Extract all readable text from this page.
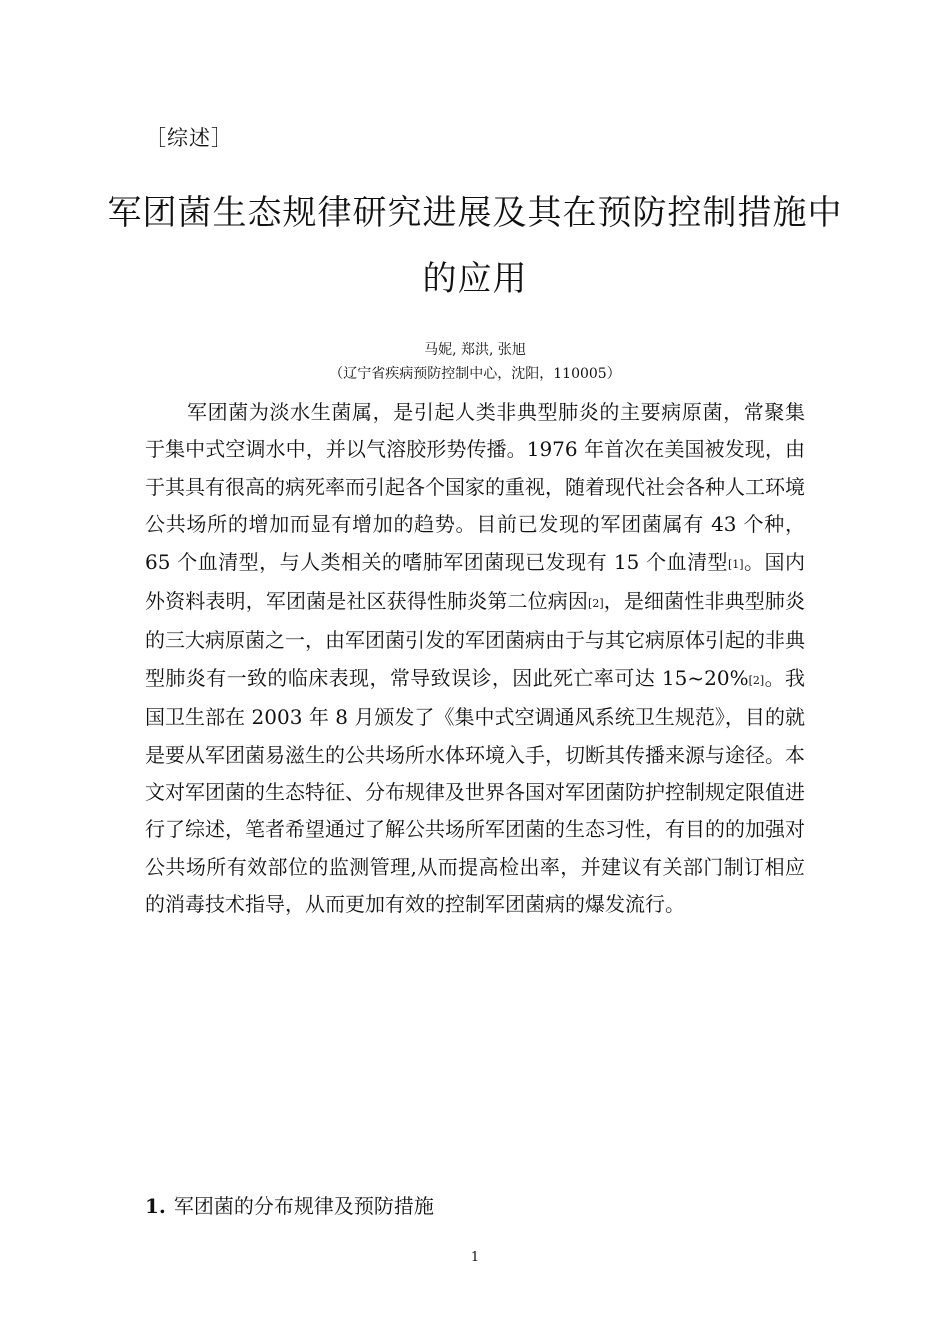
［综述］
军团菌生态规律研究进展及其在预防控制措施中的应用
马妮, 郑洪, 张旭
（辽宁省疾病预防控制中心，沈阳，110005）

军团菌为淡水生菌属，是引起人类非典型肺炎的主要病原菌，常聚集于集中式空调水中，并以气溶胶形势传播。1976 年首次在美国被发现，由于其具有很高的病死率而引起各个国家的重视，随着现代社会各种人工环境公共场所的增加而显有增加的趋势。目前已发现的军团菌属有 43 个种，65 个血清型，与人类相关的嗜肺军团菌现已发现有 15 个血清型[1]。国内外资料表明，军团菌是社区获得性肺炎第二位病因[2]，是细菌性非典型肺炎的三大病原菌之一，由军团菌引发的军团菌病由于与其它病原体引起的非典型肺炎有一致的临床表现，常导致误诊，因此死亡率可达 15~20%[2]。我国卫生部在 2003 年 8 月颁发了《集中式空调通风系统卫生规范》，目的就是要从军团菌易滋生的公共场所水体环境入手，切断其传播来源与途径。本文对军团菌的生态特征、分布规律及世界各国对军团菌防护控制规定限值进行了综述，笔者希望通过了解公共场所军团菌的生态习性，有目的的加强对公共场所有效部位的监测管理,从而提高检出率，并建议有关部门制订相应的消毒技术指导，从而更加有效的控制军团菌病的爆发流行。

1. 军团菌的分布规律及预防措施
1
